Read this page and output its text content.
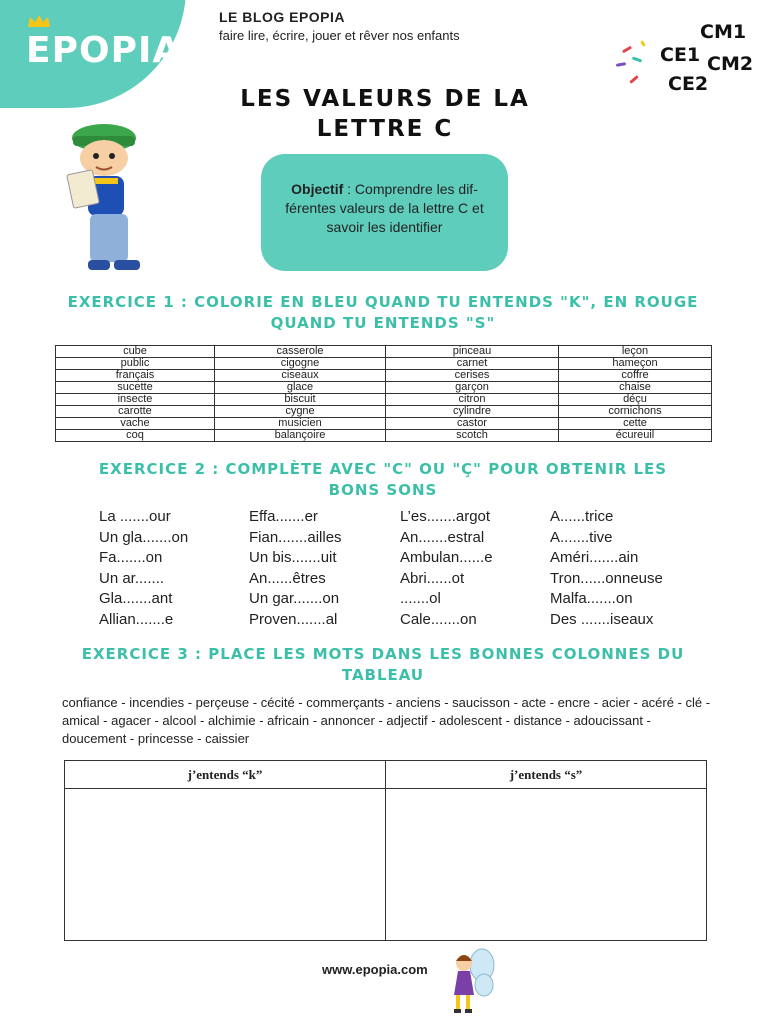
EPOPIA
LE BLOG EPOPIA
faire lire, écrire, jouer et rêver nos enfants	CM1
CE1 CM2
CE2
LES VALEURS DE LA
LETTRE C
Objectif : Comprendre les dif-férentes valeurs de la lettre C et savoir les identifier
EXERCICE 1 : COLORIE EN BLEU QUAND TU ENTENDS "K", EN ROUGE
QUAND TU ENTENDS "S"
cube	casserole	pinceau	leçon
public	cigogne	carnet	hameçon
français	ciseaux	cerises	coffre
sucette	glace	garçon	chaise
insecte	biscuit	citron	déçu
carotte	cygne	cylindre	cornichons
vache	musicien	castor	cette
coq	balançoire	scotch	écureuil
EXERCICE 2 : COMPLÈTE AVEC "C" OU "Ç" POUR OBTENIR LES
BONS SONS
La .......our	Effa.......er	L’es.......argot	A......trice
Un gla.......on	Fian.......ailles	An.......estral	A.......tive
Fa.......on	Un bis.......uit	Ambulan......e	Améri.......ain
Un ar.......	An......êtres	Abri......ot	Tron......onneuse
Gla.......ant	Un gar.......on	.......ol	Malfa.......on
Allian.......e	Proven.......al	Cale.......on	Des .......iseaux
EXERCICE 3 : PLACE LES MOTS DANS LES BONNES COLONNES DU
TABLEAU
confiance - incendies - perçeuse - cécité - commerçants - anciens - saucisson - acte - encre - acier - acéré - clé - amical - agacer - alcool - alchimie - africain - annoncer - adjectif - adolescent - distance - adoucissant - doucement - princesse - caissier
j’entends “k”	j’entends “s”

www.epopia.com
